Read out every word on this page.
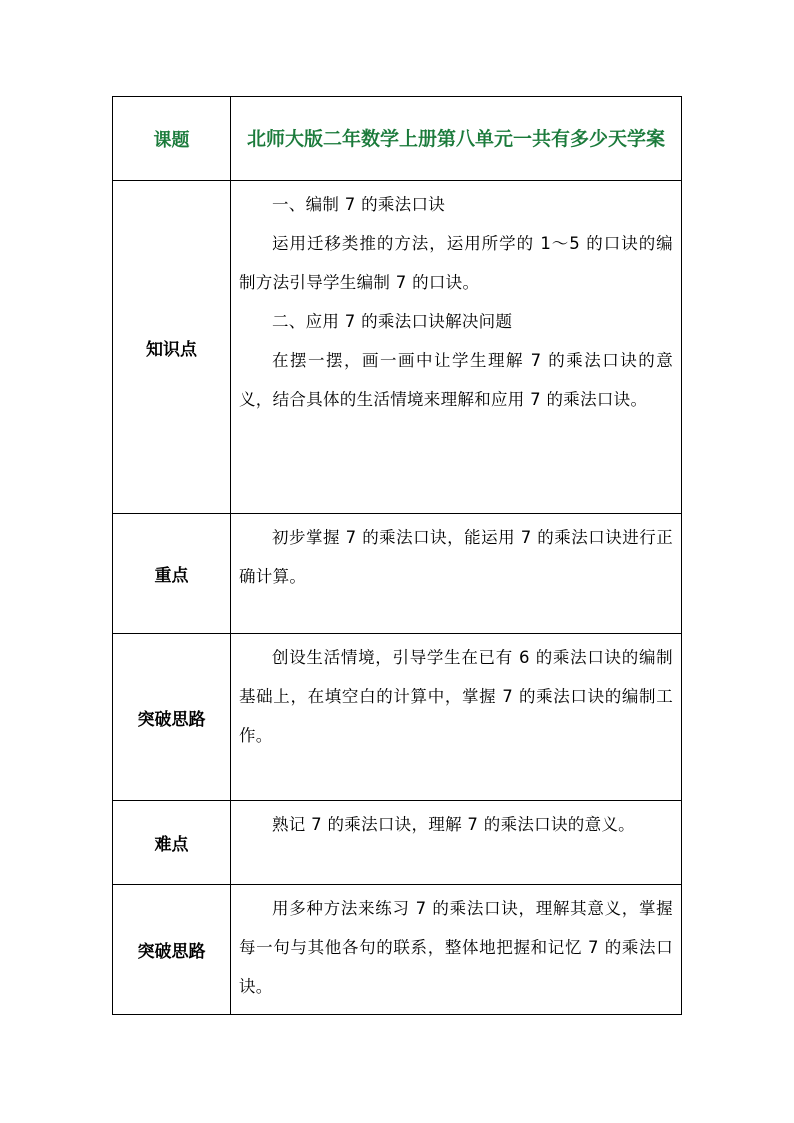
课题	北师大版二年数学上册第八单元一共有多少天学案
知识点	一、编制 7 的乘法口诀

运用迁移类推的方法，运用所学的 1～5 的口诀的编制方法引导学生编制 7 的口诀。

二、应用 7 的乘法口诀解决问题

在摆一摆，画一画中让学生理解 7 的乘法口诀的意义，结合具体的生活情境来理解和应用 7 的乘法口诀。

重点	初步掌握 7 的乘法口诀，能运用 7 的乘法口诀进行正确计算。

突破思路	创设生活情境，引导学生在已有 6 的乘法口诀的编制基础上，在填空白的计算中，掌握 7 的乘法口诀的编制工作。

难点	熟记 7 的乘法口诀，理解 7 的乘法口诀的意义。

突破思路	用多种方法来练习 7 的乘法口诀，理解其意义，掌握每一句与其他各句的联系，整体地把握和记忆 7 的乘法口诀。
